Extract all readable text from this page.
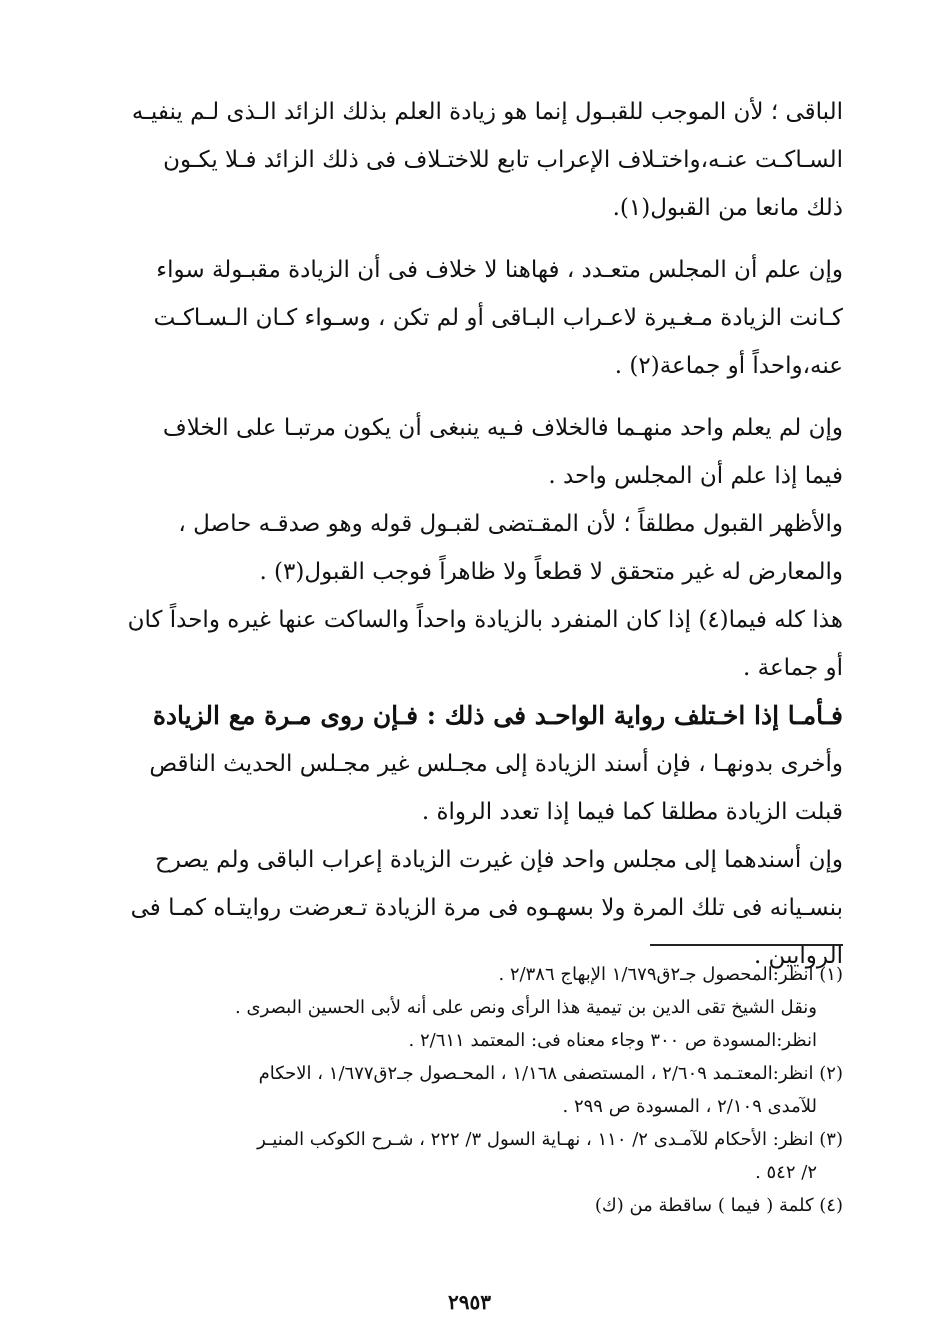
الباقى ؛ لأن الموجب للقبـول إنما هو زيادة العلم بذلك الزائد الـذى لـم ينفيـه
السـاكـت عنـه،واختـلاف الإعراب تابع للاختـلاف فى ذلك الزائد فـلا يكـون
ذلك مانعا من القبول(١).
وإن علم أن المجلس متعـدد ، فهاهنا لا خلاف فى أن الزيادة مقبـولة سواء
كـانت الزيادة مـغـيرة لاعـراب البـاقى أو لم تكن ، وسـواء كـان الـسـاكـت
عنه،واحداً أو جماعة(٢) .
وإن لم يعلم واحد منهـما فالخلاف فـيه ينبغى أن يكون مرتبـا على الخلاف
فيما إذا علم أن المجلس واحد .
والأظهر القبول مطلقاً ؛ لأن المقـتضى لقبـول قوله وهو صدقـه حاصل ،
والمعارض له غير متحقق لا قطعاً ولا ظاهراً فوجب القبول(٣) .
هذا كله فيما(٤) إذا كان المنفرد بالزيادة واحداً والساكت عنها غيره واحداً كان
أو جماعة .
فـأمـا إذا اخـتلف رواية الواحـد فى ذلك : فـإن روى مـرة مع الزيادة
وأخرى بدونهـا ، فإن أسند الزيادة إلى مجـلس غير مجـلس الحديث الناقص
قبلت الزيادة مطلقا كما فيما إذا تعدد الرواة .
وإن أسندهما إلى مجلس واحد فإن غيرت الزيادة إعراب الباقى ولم يصرح
بنسـيانه فى تلك المرة ولا بسهـوه فى مرة الزيادة تـعرضت روايتـاه كمـا فى
الروايين .
(١) انظر:المحصول جـ٢ق١/٦٧٩ الإبهاج ٢/٣٨٦ .
ونقل الشيخ تقى الدين بن تيمية هذا الرأى ونص على أنه لأبى الحسين البصرى .
انظر:المسودة ص ٣٠٠ وجاء معناه فى: المعتمد ٢/٦١١ .
(٢) انظر:المعتـمد ٢/٦٠٩ ، المستصفى ١/١٦٨ ، المحـصول جـ٢ق١/٦٧٧ ، الاحكام
للآمدى ٢/١٠٩ ، المسودة ص ٢٩٩ .
(٣) انظر: الأحكام للآمـدى ٢/ ١١٠ ، نهـاية السول ٣/ ٢٢٢ ، شـرح الكوكب المنيـر
٢/ ٥٤٢ .
(٤) كلمة ( فيما ) ساقطة من (ك)
٢٩٥٣
